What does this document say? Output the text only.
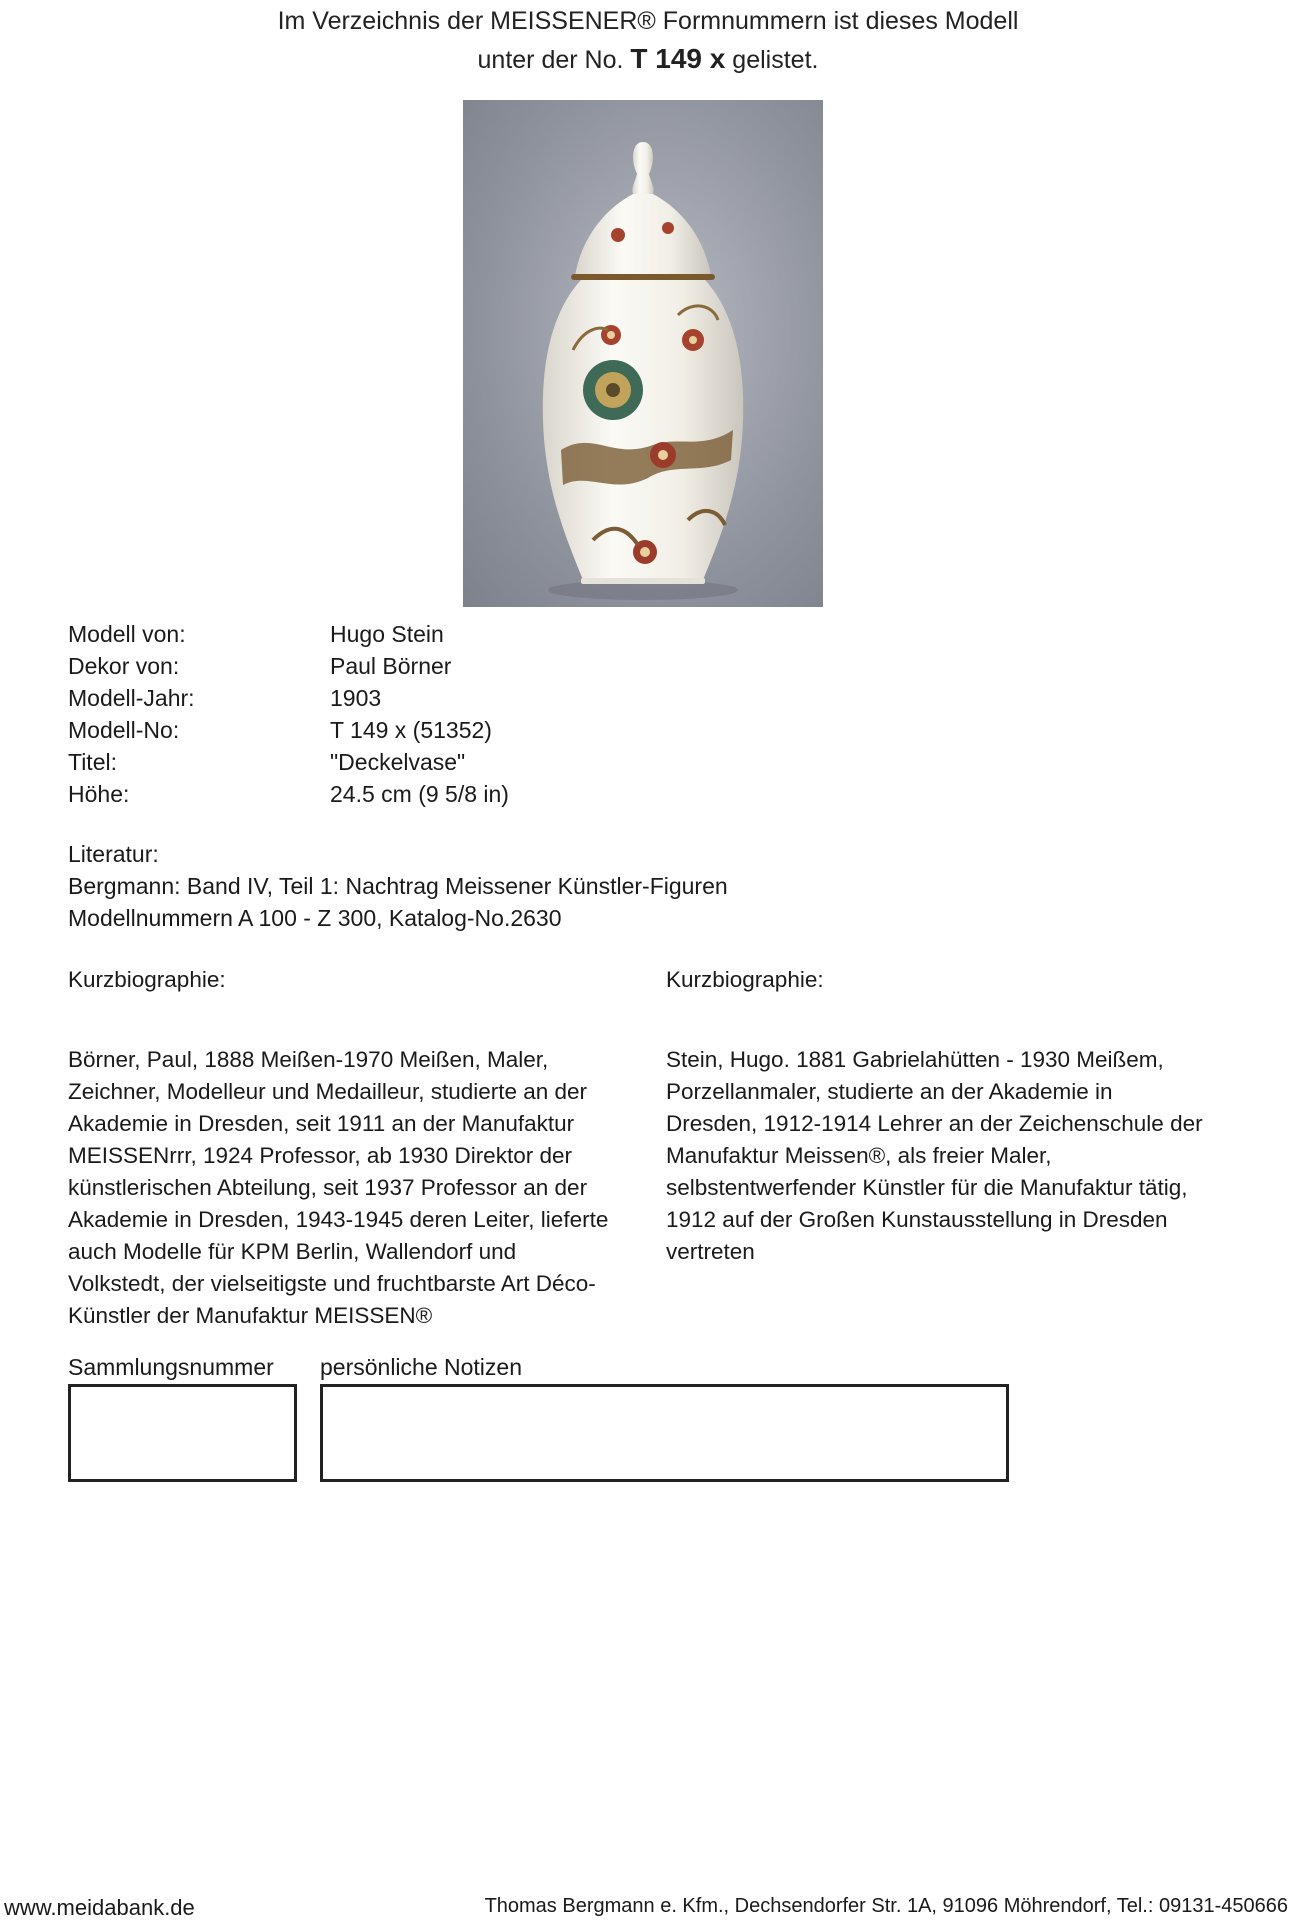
Im Verzeichnis der MEISSENER® Formnummern ist dieses Modell
unter der No. T 149 x gelistet.
Modell von:	Hugo Stein
Dekor von:	Paul Börner
Modell-Jahr:	1903
Modell-No:	T 149 x (51352)
Titel:	"Deckelvase"
Höhe:	24.5 cm (9 5/8 in)
Literatur:
Bergmann: Band IV, Teil 1: Nachtrag Meissener Künstler-Figuren
Modellnummern A 100 - Z 300, Katalog-No.2630
Kurzbiographie:
Börner, Paul, 1888 Meißen-1970 Meißen, Maler,
Zeichner, Modelleur und Medailleur, studierte an der
Akademie in Dresden, seit 1911 an der Manufaktur
MEISSENrrr, 1924 Professor, ab 1930 Direktor der
künstlerischen Abteilung, seit 1937 Professor an der
Akademie in Dresden, 1943-1945 deren Leiter, lieferte
auch Modelle für KPM Berlin, Wallendorf und
Volkstedt, der vielseitigste und fruchtbarste Art Déco-
Künstler der Manufaktur MEISSEN®
Kurzbiographie:
Stein, Hugo. 1881 Gabrielahütten - 1930 Meißem,
Porzellanmaler, studierte an der Akademie in
Dresden, 1912-1914 Lehrer an der Zeichenschule der
Manufaktur Meissen®, als freier Maler,
selbstentwerfender Künstler für die Manufaktur tätig,
1912 auf der Großen Kunstausstellung in Dresden
vertreten
Sammlungsnummer persönliche Notizen
www.meidabank.de	Thomas Bergmann e. Kfm., Dechsendorfer Str. 1A, 91096 Möhrendorf, Tel.: 09131-450666
